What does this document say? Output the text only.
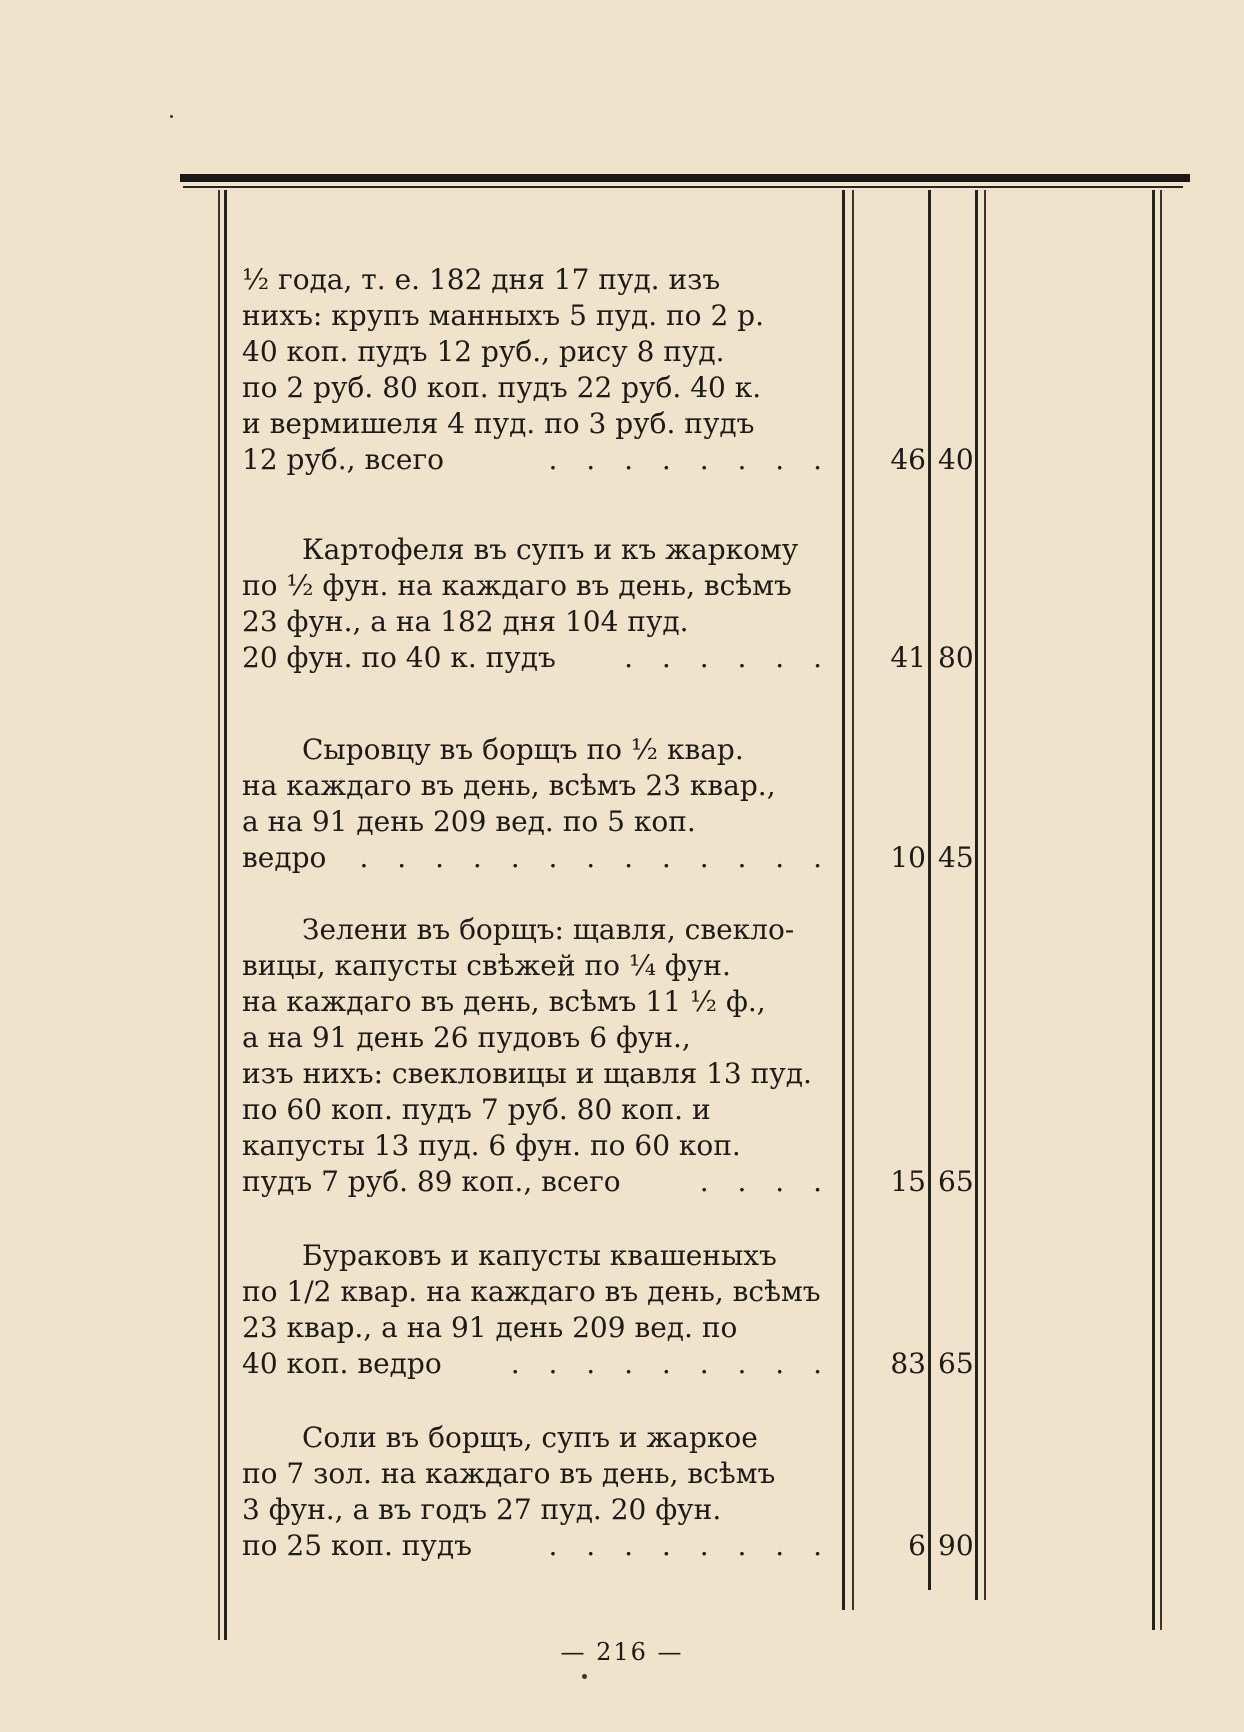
½ года, т. е. 182 дня 17 пуд. изъ
нихъ: крупъ манныхъ 5 пуд. по 2 р.
40 коп. пудъ 12 руб., рису 8 пуд.
по 2 руб. 80 коп. пудъ 22 руб. 40 к.
и вермишеля 4 пуд. по 3 руб. пудъ
12 руб., всего	. . . . . . . .	46 40
Картофеля въ супъ и къ жаркому
по ½ фун. на каждаго въ день, всѣмъ
23 фун., а на 182 дня 104 пуд.
20 фун. по 40 к. пудъ . . . . . .	41 80
Сыровцу въ борщъ по ½ квар.
на каждаго въ день, всѣмъ 23 квар.,
а на 91 день 209 вед. по 5 коп.
ведро . . . . . . . . . . . . .	10 45
Зелени въ борщъ: щавля, свекло-
вицы, капусты свѣжей по ¼ фун.
на каждаго въ день, всѣмъ 11 ½ ф.,
а на 91 день 26 пудовъ 6 фун.,
изъ нихъ: свекловицы и щавля 13 пуд.
по 60 коп. пудъ 7 руб. 80 коп. и
капусты 13 пуд. 6 фун. по 60 коп.
пудъ 7 руб. 89 коп., всего	. . . .	15 65
Бураковъ и капусты квашеныхъ
по 1/2 квар. на каждаго въ день, всѣмъ
23 квар., а на 91 день 209 вед. по
40 коп. ведро . . . . . . . . .	83 65
Соли въ борщъ, супъ и жаркое
по 7 зол. на каждаго въ день, всѣмъ
3 фун., а въ годъ 27 пуд. 20 фун.
по 25 коп. пудъ	. . . . . . . .	6 90
— 216 —
